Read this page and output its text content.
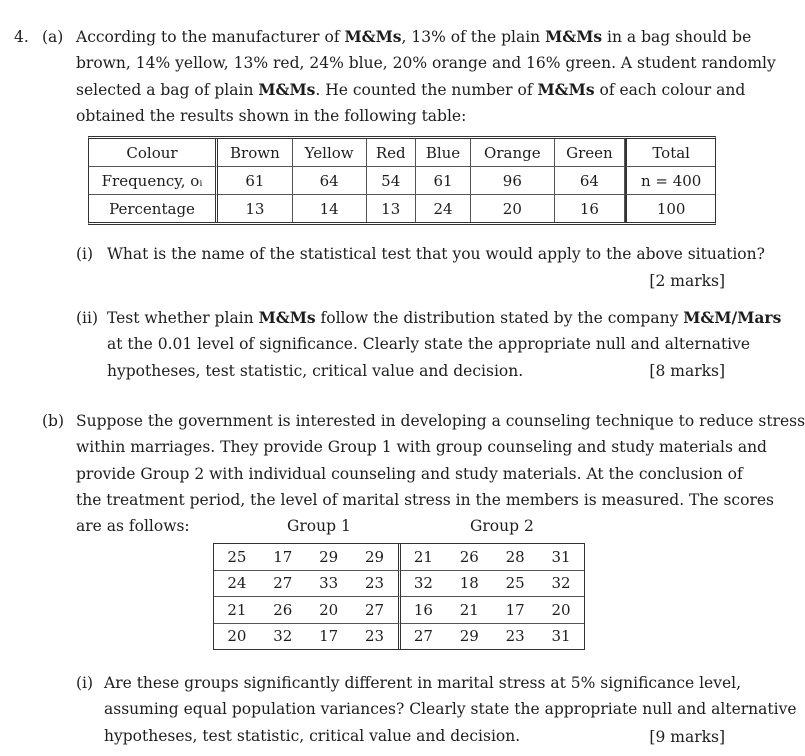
4. (a) According to the manufacturer of M&Ms, 13% of the plain M&Ms in a bag should be
brown, 14% yellow, 13% red, 24% blue, 20% orange and 16% green. A student randomly
selected a bag of plain M&Ms. He counted the number of M&Ms of each colour and
obtained the results shown in the following table:
Colour	Brown	Yellow	Red	Blue	Orange	Green	Total
Frequency, oᵢ	61	64	54	61	96	64	n = 400
Percentage	13	14	13	24	20	16	100
(i) What is the name of the statistical test that you would apply to the above situation?
[2 marks]
(ii) Test whether plain M&Ms follow the distribution stated by the company M&M/Mars
at the 0.01 level of significance. Clearly state the appropriate null and alternative
hypotheses, test statistic, critical value and decision.	[8 marks]
(b) Suppose the government is interested in developing a counseling technique to reduce stress
within marriages. They provide Group 1 with group counseling and study materials and
provide Group 2 with individual counseling and study materials. At the conclusion of
the treatment period, the level of marital stress in the members is measured. The scores
are as follows:	Group 1	Group 2
25	17	29	29	21	26	28	31
24	27	33	23	32	18	25	32
21	26	20	27	16	21	17	20
20	32	17	23	27	29	23	31
(i) Are these groups significantly different in marital stress at 5% significance level,
assuming equal population variances? Clearly state the appropriate null and alternative
hypotheses, test statistic, critical value and decision.	[9 marks]
